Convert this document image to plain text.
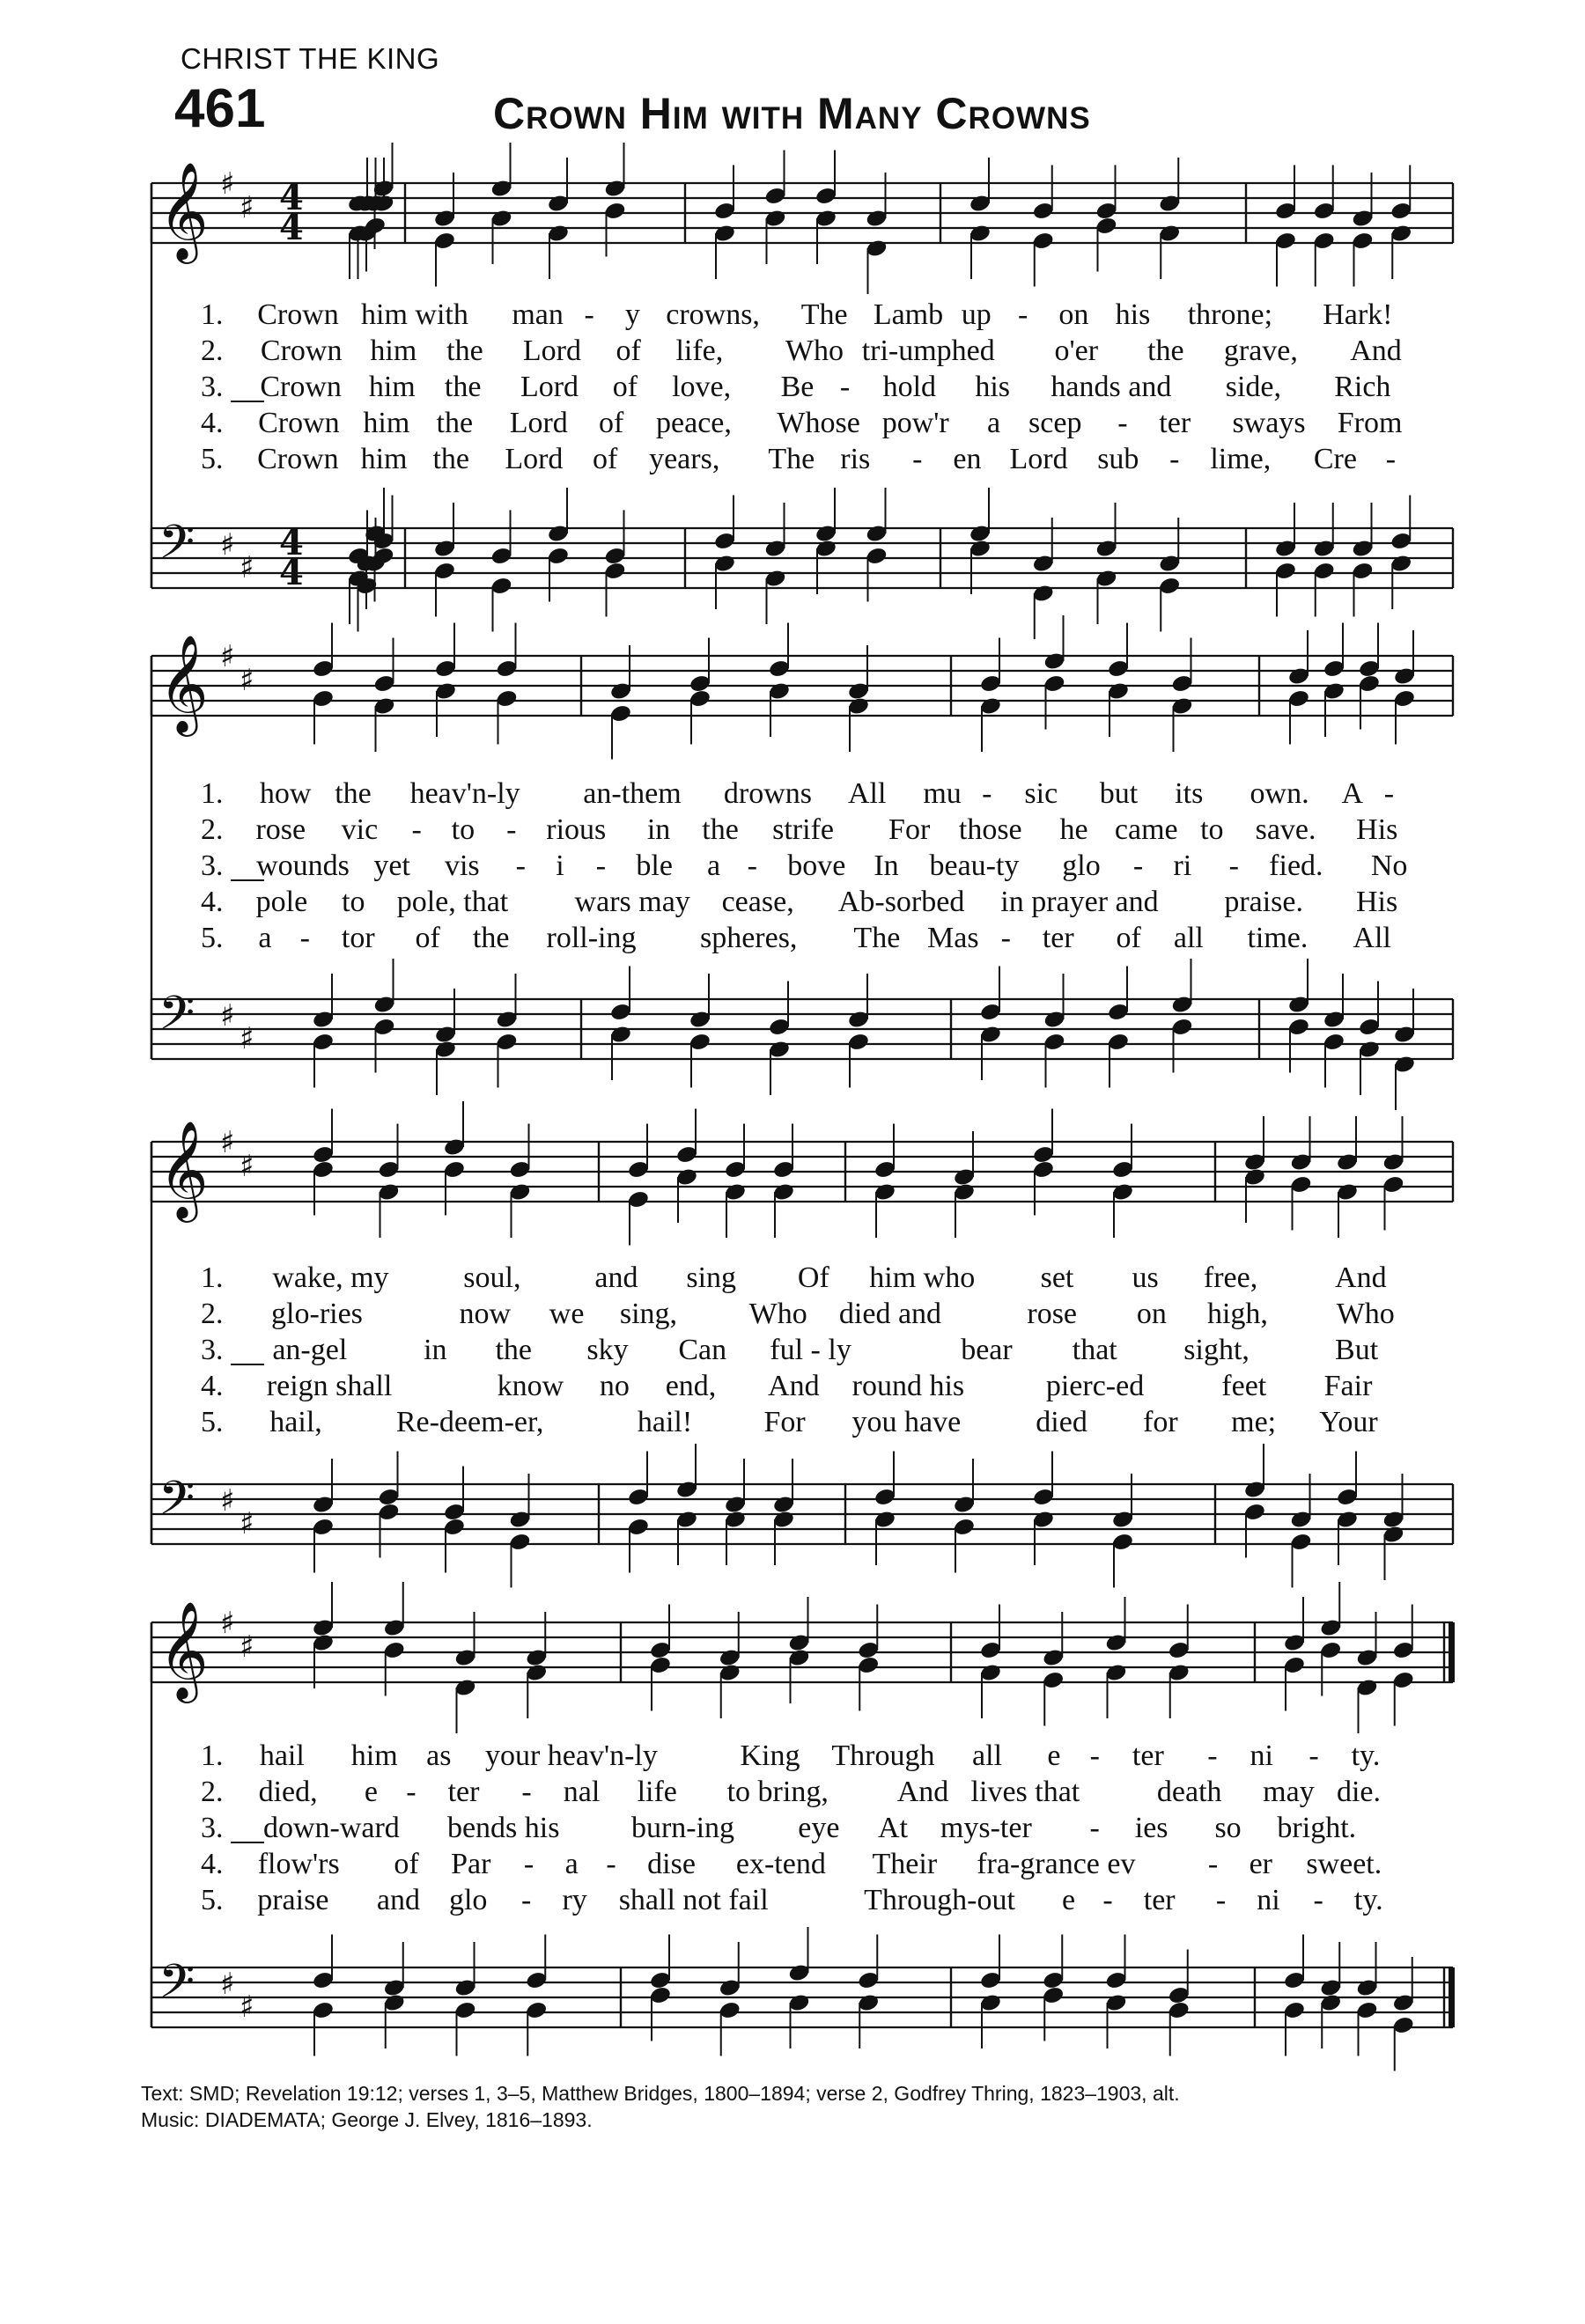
CHRIST THE KING
461	Crown Him with Many Crowns
𝄞 ♯
♯ 4
4
𝄢 ♯
♯
4
4
1. Crown him with man - y crowns, The Lamb up - on his throne; Hark!
2. Crown him the Lord of life, Who tri-umphed o'er the grave, And
3. Crown him the Lord of love, Be - hold his hands and side, Rich
4. Crown him the Lord of peace, Whose pow'r a scep - ter sways From
5. Crown him the Lord of years, The ris - en Lord sub - lime, Cre -
𝄞 ♯
♯
𝄢 ♯
♯
1. how the heav'n-ly an-them drowns All mu - sic but its own. A -
2. rose vic - to - rious in the strife For those he came to save. His
3. wounds yet vis - i - ble a - bove In beau-ty glo - ri - fied. No
4. pole to pole, that wars may cease, Ab-sorbed in prayer and praise. His
5. a - tor of the roll-ing spheres, The Mas - ter of all time. All
𝄞 ♯
♯
𝄢 ♯
♯
1. wake, my soul, and sing Of him who set us free,	And
2. glo-ries	now we sing, Who died and	rose on high, Who
3. an-gel	in the sky Can ful - ly	bear that sight,	But
4. reign shall	know no end, And round his	pierc-ed	feet Fair
5. hail, Re-deem-er,	hail! For you have	died for me; Your
𝄞 ♯
♯
𝄢 ♯
♯
1. hail him as your heav'n-ly	King Through all e - ter - ni - ty.
2. died, e - ter - nal life to bring, And lives that	death may die.
3. down-ward bends his burn-ing eye At mys-ter - ies so bright.
4. flow'rs of Par - a - dise ex-tend Their fra-grance ev - er sweet.
5. praise and glo - ry shall not fail	Through-out e - ter - ni - ty.
Text: SMD; Revelation 19:12; verses 1, 3–5, Matthew Bridges, 1800–1894; verse 2, Godfrey Thring, 1823–1903, alt.
Music: DIADEMATA; George J. Elvey, 1816–1893.
